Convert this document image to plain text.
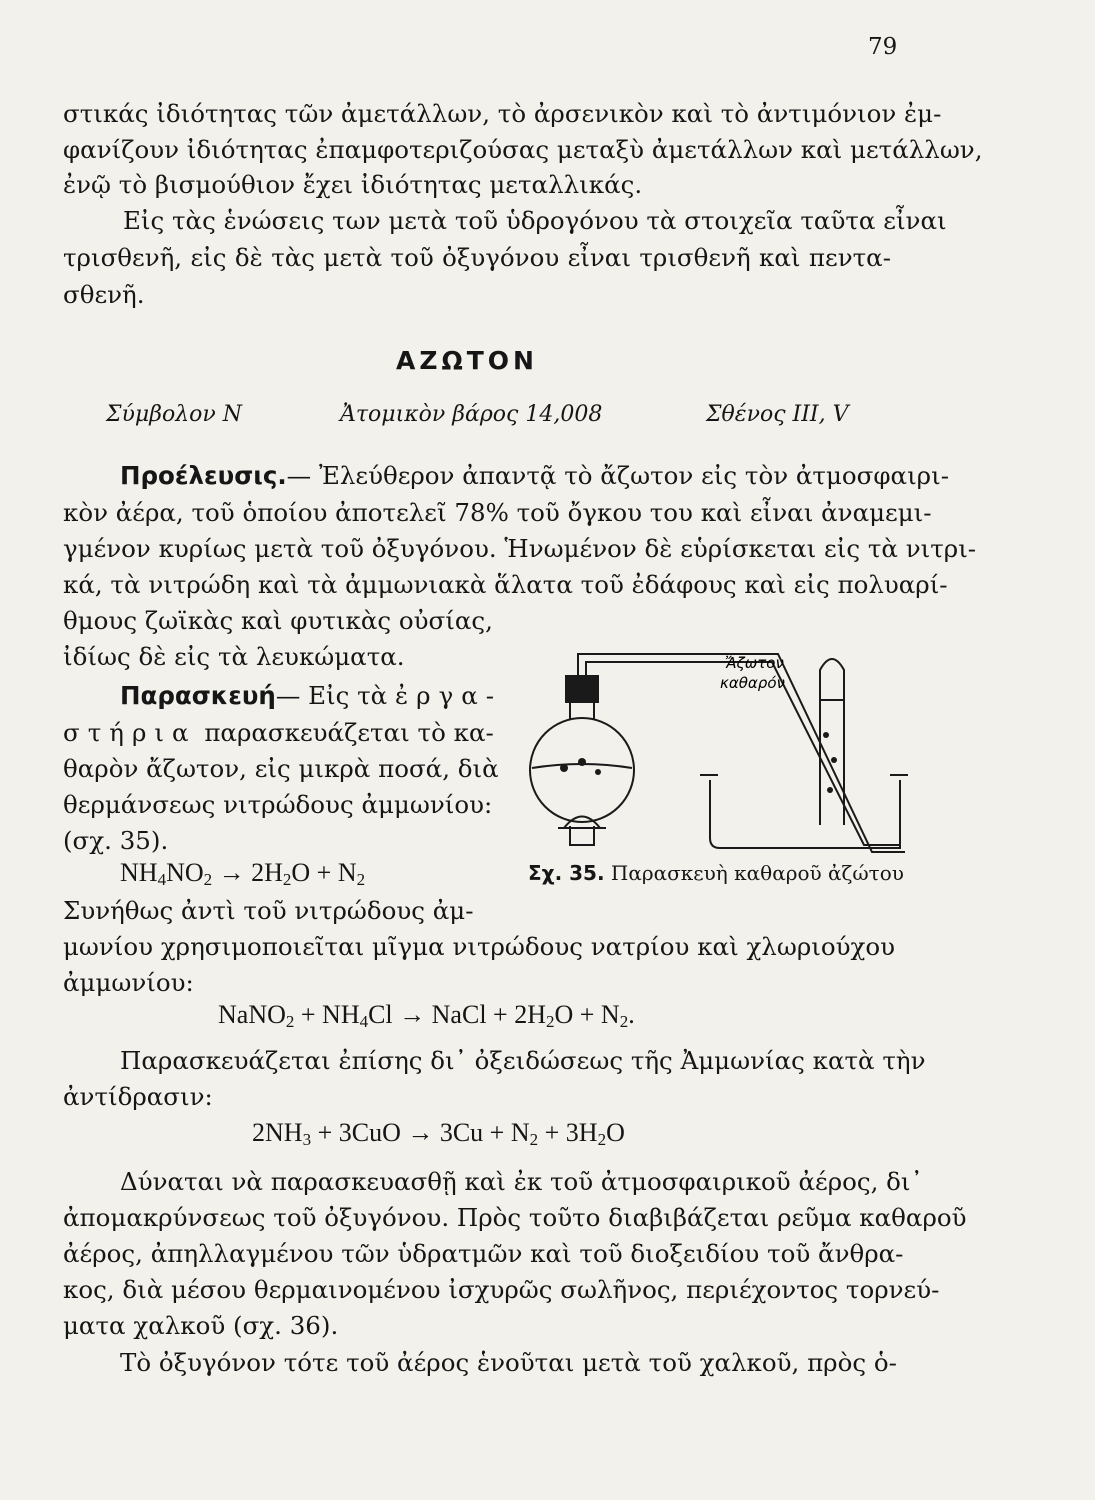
79
στικάς ἰδιότητας τῶν ἀμετάλλων, τὸ ἀρσενικὸν καὶ τὸ ἀντιμόνιον ἐμ-
φανίζουν ἰδιότητας ἐπαμφοτεριζούσας μεταξὺ ἀμετάλλων καὶ μετάλλων,
ἐνῷ τὸ βισμούθιον ἔχει ἰδιότητας μεταλλικάς.
Εἰς τὰς ἑνώσεις των μετὰ τοῦ ὑδρογόνου τὰ στοιχεῖα ταῦτα εἶναι
τρισθενῆ, εἰς δὲ τὰς μετὰ τοῦ ὀξυγόνου εἶναι τρισθενῆ καὶ πεντα-
σθενῆ.
ΑΖΩΤΟΝ
Σύμβολον N	Ἀτομικὸν βάρος 14,008	Σθένος III, V
Προέλευσις.— Ἐλεύθερον ἀπαντᾷ τὸ ἄζωτον εἰς τὸν ἀτμοσφαιρι-
κὸν ἀέρα, τοῦ ὁποίου ἀποτελεῖ 78% τοῦ ὄγκου του καὶ εἶναι ἀναμεμι-
γμένον κυρίως μετὰ τοῦ ὀξυγόνου. Ἡνωμένον δὲ εὑρίσκεται εἰς τὰ νιτρι-
κά, τὰ νιτρώδη καὶ τὰ ἀμμωνιακὰ ἅλατα τοῦ ἐδάφους καὶ εἰς πολυαρί-
θμους ζωϊκὰς καὶ φυτικὰς οὐσίας,
ἰδίως δὲ εἰς τὰ λευκώματα.
Παρασκευή— Εἰς τὰ ἐργα-
στήρια παρασκευάζεται τὸ κα-
θαρὸν ἄζωτον, εἰς μικρὰ ποσά, διὰ
θερμάνσεως νιτρώδους ἀμμωνίου:
(σχ. 35).
$NH_4NO_2 \to 2H_2O + N_2$
Συνήθως ἀντὶ τοῦ νιτρώδους ἀμ-
μωνίου χρησιμοποιεῖται μῖγμα νιτρώδους νατρίου καὶ χλωριούχου
ἀμμωνίου:
NaNO$_2$ + $NH_4Cl$ → NaCl + $2H_2O + N_2$.
Παρασκευάζεται ἐπίσης δι᾿ ὀξειδώσεως τῆς Ἀμμωνίας κατὰ τὴν
ἀντίδρασιν:
$2NH_3 + 3CuO \to 3Cu + N_2 + 3H_2O$
Δύναται νὰ παρασκευασθῇ καὶ ἐκ τοῦ ἀτμοσφαιρικοῦ ἀέρος, δι᾿
ἀπομακρύνσεως τοῦ ὀξυγόνου. Πρὸς τοῦτο διαβιβάζεται ρεῦμα καθαροῦ
ἀέρος, ἀπηλλαγμένου τῶν ὑδρατμῶν καὶ τοῦ διοξειδίου τοῦ ἄνθρα-
κος, διὰ μέσου θερμαινομένου ἰσχυρῶς σωλῆνος, περιέχοντος τορνεύ-
ματα χαλκοῦ (σχ. 36).
Τὸ ὀξυγόνον τότε τοῦ ἀέρος ἑνοῦται μετὰ τοῦ χαλκοῦ, πρὸς ὁ-
Ἄζωτον
καθαρόν
Σχ. 35. Παρασκευὴ καθαροῦ ἀζώτου
